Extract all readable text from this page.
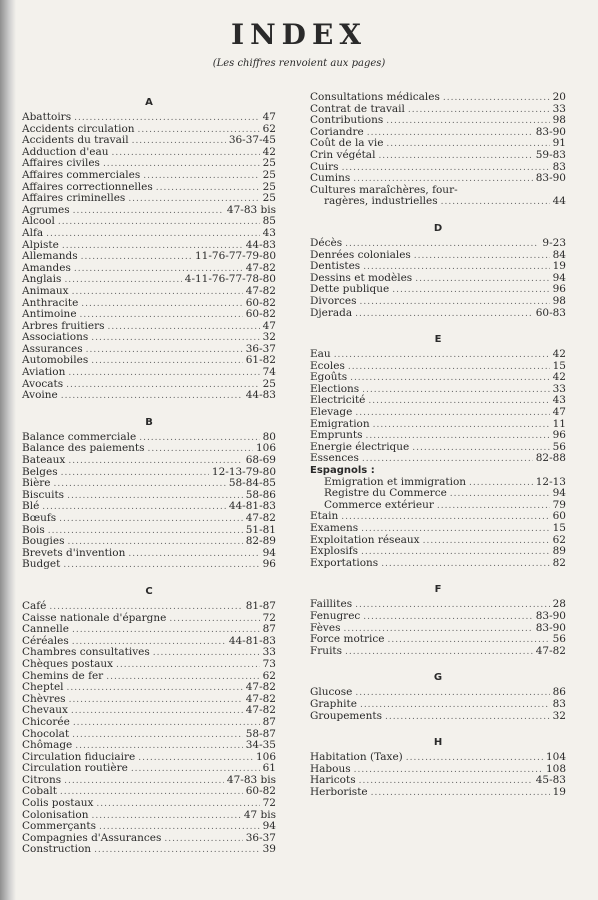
INDEX
(Les chiffres renvoient aux pages)
A
Abattoirs .....	47
Accidents circulation .....	62
Accidents du travail .....	36-37-45
Adduction d'eau .....	42
Affaires civiles .....	25
Affaires commerciales .....	25
Affaires correctionnelles .....	25
Affaires criminelles .....	25
Agrumes .....	47-83 bis
Alcool .....	85
Alfa .....	43
Alpiste .....	44-83
Allemands .....	11-76-77-79-80
Amandes .....	47-82
Anglais .....	4-11-76-77-78-80
Animaux .....	47-82
Anthracite .....	60-82
Antimoine .....	60-82
Arbres fruitiers .....	47
Associations .....	32
Assurances .....	36-37
Automobiles .....	61-82
Aviation .....	74
Avocats .....	25
Avoine .....	44-83
B
Balance commerciale .....	80
Balance des paiements .....	106
Bateaux .....	68-69
Belges .....	12-13-79-80
Bière .....	58-84-85
Biscuits .....	58-86
Blé .....	44-81-83
Bœufs .....	47-82
Bois .....	51-81
Bougies .....	82-89
Brevets d'invention .....	94
Budget .....	96
C
Café .....	81-87
Caisse nationale d'épargne .....	72
Cannelle .....	87
Céréales .....	44-81-83
Chambres consultatives .....	33
Chèques postaux .....	73
Chemins de fer .....	62
Cheptel .....	47-82
Chèvres .....	47-82
Chevaux .....	47-82
Chicorée .....	87
Chocolat .....	58-87
Chômage .....	34-35
Circulation fiduciaire .....	106
Circulation routière .....	61
Citrons .....	47-83 bis
Cobalt .....	60-82
Colis postaux .....	72
Colonisation .....	47 bis
Commerçants .....	94
Compagnies d'Assurances .....	36-37
Construction .....	39
Consultations médicales .....	20
Contrat de travail .....	33
Contributions .....	98
Coriandre .....	83-90
Coût de la vie .....	91
Crin végétal .....	59-83
Cuirs .....	83
Cumins .....	83-90
Cultures maraîchères, four-
ragères, industrielles .....	44
D
Décès .....	9-23
Denrées coloniales .....	84
Dentistes .....	19
Dessins et modèles .....	94
Dette publique .....	96
Divorces .....	98
Djerada .....	60-83
E
Eau .....	42
Ecoles .....	15
Egoûts .....	42
Elections .....	33
Electricité .....	43
Elevage .....	47
Emigration .....	11
Emprunts .....	96
Energie électrique .....	56
Essences .....	82-88
Espagnols :
Emigration et immigration .....	12-13
Registre du Commerce .....	94
Commerce extérieur .....	79
Etain .....	60
Examens .....	15
Exploitation réseaux .....	62
Explosifs .....	89
Exportations .....	82
F
Faillites .....	28
Fenugrec .....	83-90
Fèves .....	83-90
Force motrice .....	56
Fruits .....	47-82
G
Glucose .....	86
Graphite .....	83
Groupements .....	32
H
Habitation (Taxe) .....	104
Habous .....	108
Haricots .....	45-83
Herboriste .....	19
